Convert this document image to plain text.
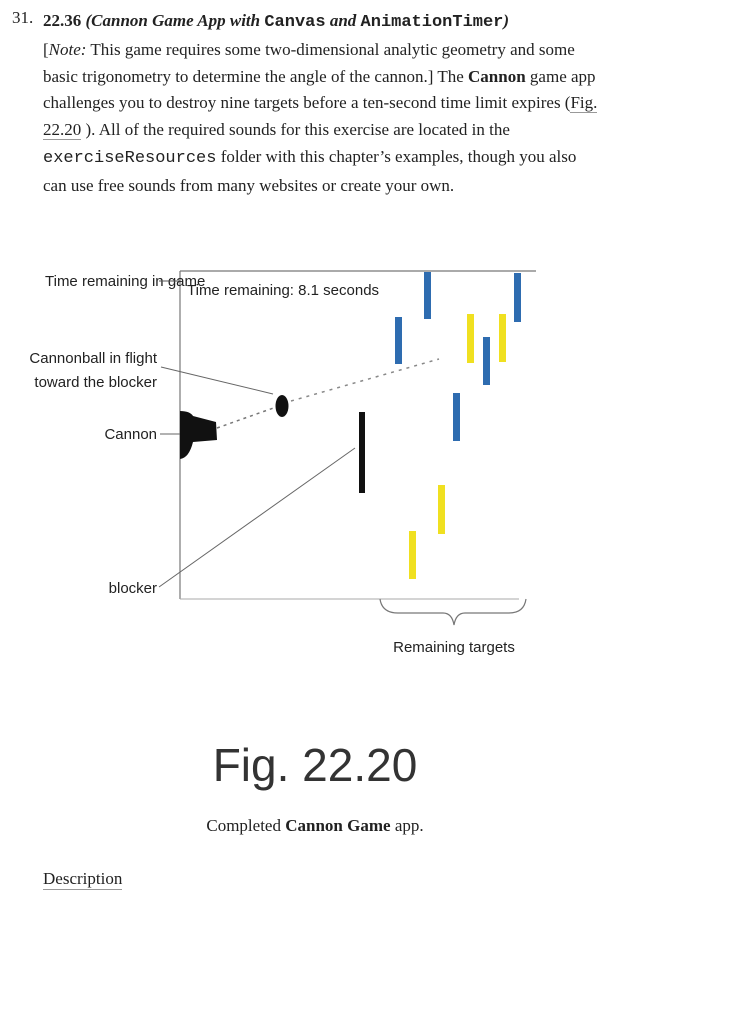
31. 22.36 (Cannon Game App with Canvas and AnimationTimer)
[Note: This game requires some two-dimensional analytic geometry and some basic trigonometry to determine the angle of the cannon.] The Cannon game app challenges you to destroy nine targets before a ten-second time limit expires (Fig. 22.20 ). All of the required sounds for this exercise are located in the exerciseResources folder with this chapter’s examples, though you also can use free sounds from many websites or create your own.
Time remaining in game
Time remaining: 8.1 seconds
Cannonball in flight
toward the blocker
Cannon
blocker
Remaining targets
Fig. 22.20
Completed Cannon Game app.
Description
